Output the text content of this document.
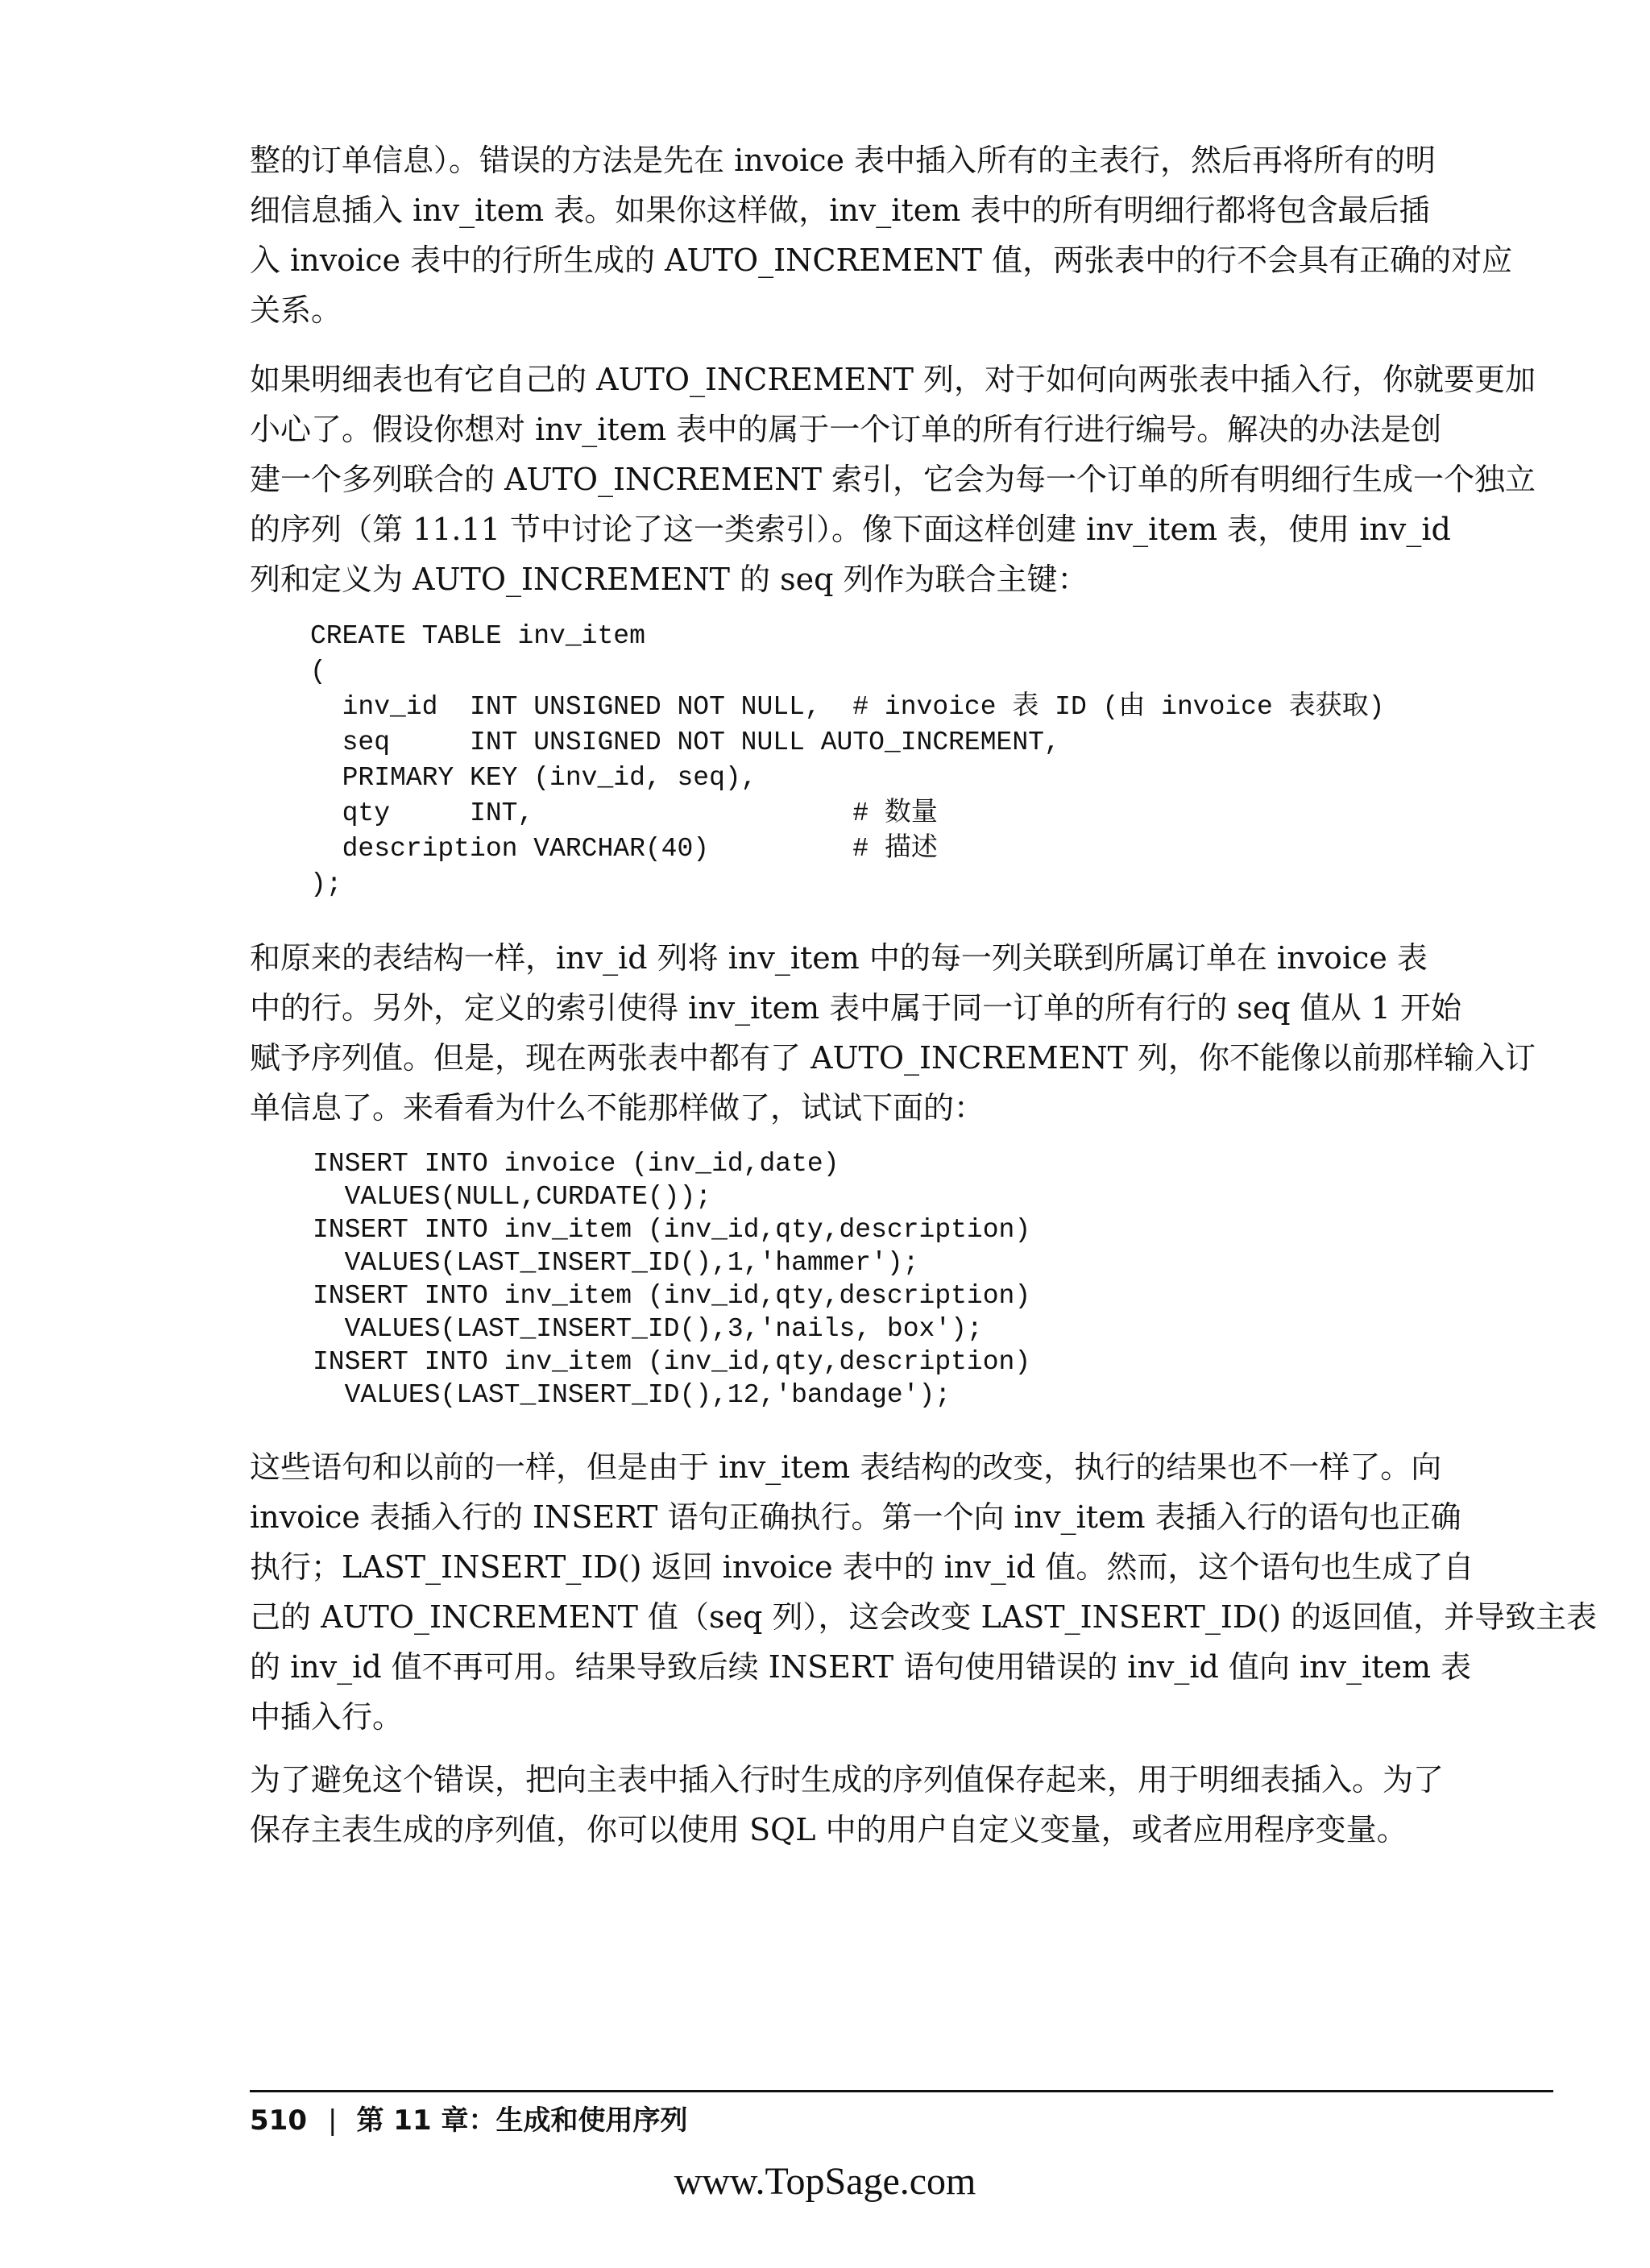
整的订单信息）。错误的方法是先在 invoice 表中插入所有的主表行，然后再将所有的明
细信息插入 inv_item 表。如果你这样做，inv_item 表中的所有明细行都将包含最后插
入 invoice 表中的行所生成的 AUTO_INCREMENT 值，两张表中的行不会具有正确的对应
关系。

如果明细表也有它自己的 AUTO_INCREMENT 列，对于如何向两张表中插入行，你就要更加
小心了。假设你想对 inv_item 表中的属于一个订单的所有行进行编号。解决的办法是创
建一个多列联合的 AUTO_INCREMENT 索引，它会为每一个订单的所有明细行生成一个独立
的序列（第 11.11 节中讨论了这一类索引）。像下面这样创建 inv_item 表，使用 inv_id
列和定义为 AUTO_INCREMENT 的 seq 列作为联合主键：

CREATE TABLE inv_item
(
inv_id  INT UNSIGNED NOT NULL,  # invoice 表 ID (由 invoice 表获取)
seq     INT UNSIGNED NOT NULL AUTO_INCREMENT,
PRIMARY KEY (inv_id, seq),
qty     INT,                    # 数量
description VARCHAR(40)         # 描述
);

和原来的表结构一样，inv_id 列将 inv_item 中的每一列关联到所属订单在 invoice 表
中的行。另外，定义的索引使得 inv_item 表中属于同一订单的所有行的 seq 值从 1 开始
赋予序列值。但是，现在两张表中都有了 AUTO_INCREMENT 列，你不能像以前那样输入订
单信息了。来看看为什么不能那样做了，试试下面的：

INSERT INTO invoice (inv_id,date)
VALUES(NULL,CURDATE());
INSERT INTO inv_item (inv_id,qty,description)
VALUES(LAST_INSERT_ID(),1,'hammer');
INSERT INTO inv_item (inv_id,qty,description)
VALUES(LAST_INSERT_ID(),3,'nails, box');
INSERT INTO inv_item (inv_id,qty,description)
VALUES(LAST_INSERT_ID(),12,'bandage');

这些语句和以前的一样，但是由于 inv_item 表结构的改变，执行的结果也不一样了。向
invoice 表插入行的 INSERT 语句正确执行。第一个向 inv_item 表插入行的语句也正确
执行；LAST_INSERT_ID() 返回 invoice 表中的 inv_id 值。然而，这个语句也生成了自
己的 AUTO_INCREMENT 值（seq 列），这会改变 LAST_INSERT_ID() 的返回值，并导致主表
的 inv_id 值不再可用。结果导致后续 INSERT 语句使用错误的 inv_id 值向 inv_item 表
中插入行。

为了避免这个错误，把向主表中插入行时生成的序列值保存起来，用于明细表插入。为了
保存主表生成的序列值，你可以使用 SQL 中的用户自定义变量，或者应用程序变量。

510 | 第 11 章：生成和使用序列
www.TopSage.com
